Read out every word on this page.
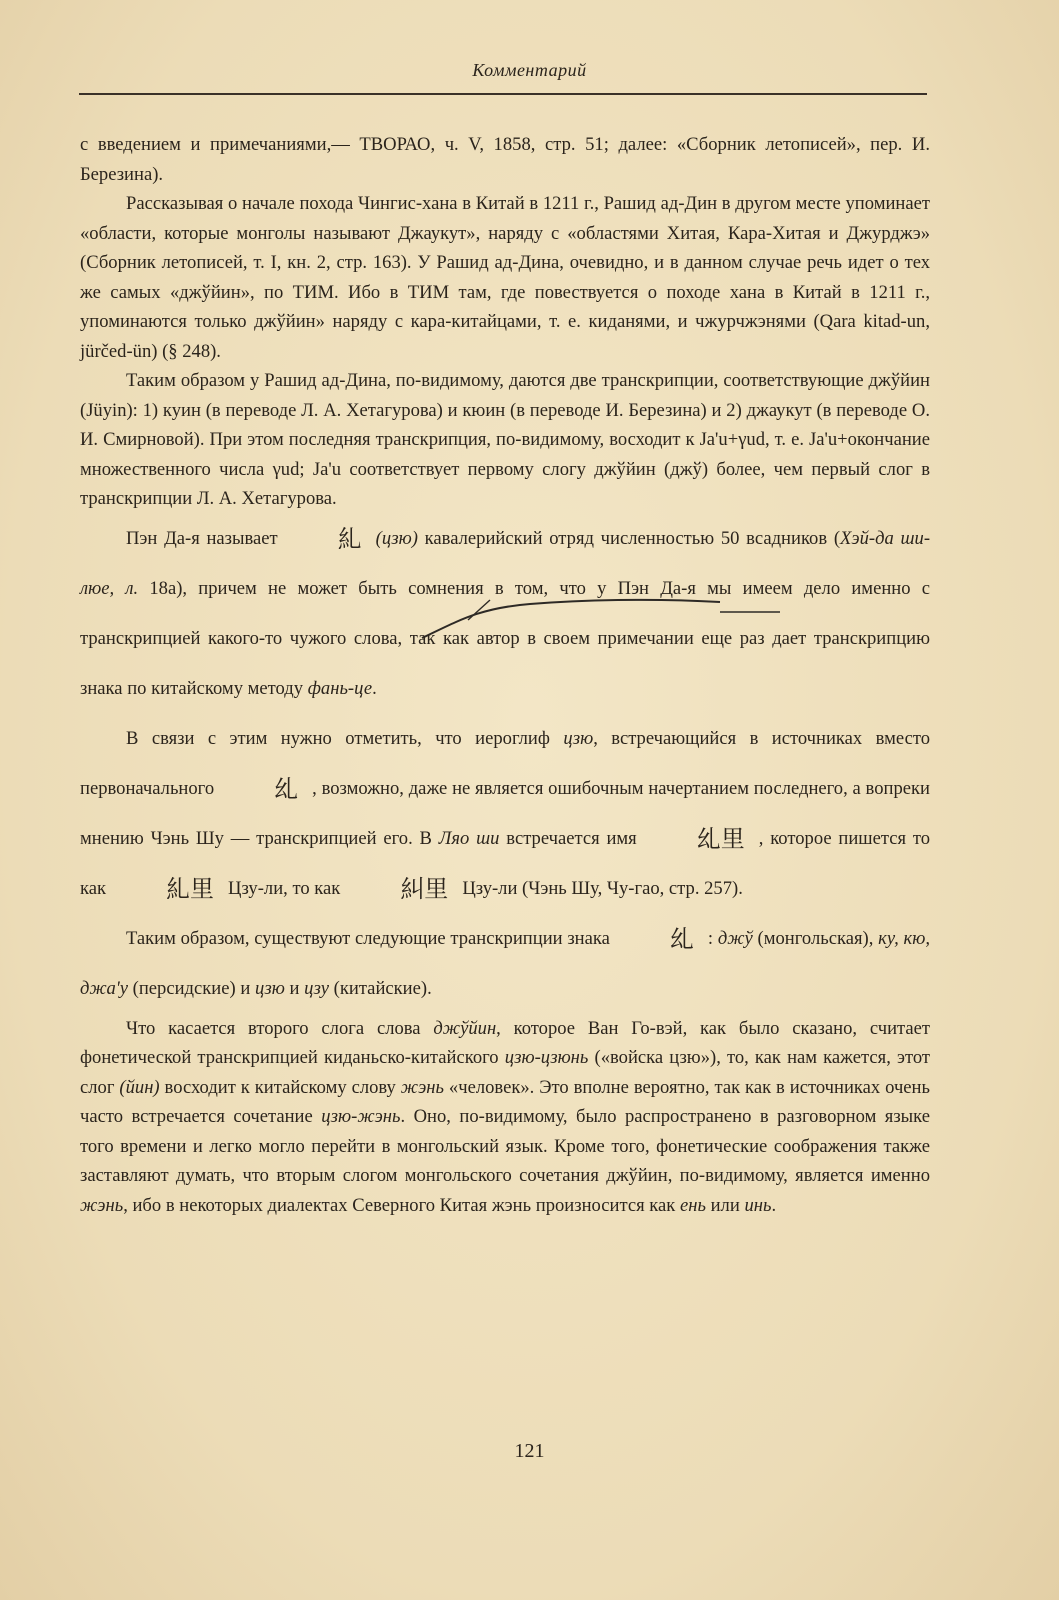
Комментарий

с введением и примечаниями,— ТВОРАО, ч. V, 1858, стр. 51; далее: «Сборник летописей», пер. И. Березина).

Рассказывая о начале похода Чингис-хана в Китай в 1211 г., Рашид ад-Дин в другом месте упоминает «области, которые монголы называют Джаукут», наряду с «областями Хитая, Кара-Хитая и Джурджэ» (Сборник летописей, т. I, кн. 2, стр. 163). У Рашид ад-Дина, очевидно, и в данном случае речь идет о тех же самых «джўйин», по ТИМ. Ибо в ТИМ там, где повествуется о походе хана в Китай в 1211 г., упоминаются только джўйин» наряду с кара-китайцами, т. е. киданями, и чжурчжэнями (Qara kitad-un, jürčed-ün) (§ 248).

Таким образом у Рашид ад-Дина, по-видимому, даются две транскрипции, соответствующие джўйин (Jüyin): 1) куин (в переводе Л. А. Хетагурова) и кюин (в переводе И. Березина) и 2) джаукут (в переводе О. И. Смирновой). При этом последняя транскрипция, по-видимому, восходит к Ja'u+γud, т. е. Ja'u+окончание множественного числа γud; Ja'u соответствует первому слогу джўйин (джў) более, чем первый слог в транскрипции Л. А. Хетагурова.

Пэн Да-я называет	糺 (цзю) кавалерийский отряд численностью 50 всадников (Хэй-да ши-люе, л. 18а), причем не может быть сомнения в том, что у Пэн Да-я мы имеем дело именно с транскрипцией какого-то чужого слова, так как автор в своем примечании еще раз дает транскрипцию знака по китайскому методу фань-це.

В связи с этим нужно отметить, что иероглиф цзю, встречающийся в источниках вместо первоначального	乣 , возможно, даже не является ошибочным начертанием последнего, а вопреки мнению Чэнь Шу — транскрипцией его. В Ляо ши встречается имя	乣里 , которое пишется то как	糺里 Цзу-ли, то как	糾里 Цзу-ли (Чэнь Шу, Чу-гао, стр. 257).

Таким образом, существуют следующие транскрипции знака	乣 : джў (монгольская), ку, кю, джа'у (персидские) и цзю и цзу (китайские).

Что касается второго слога слова джўйин, которое Ван Го-вэй, как было сказано, считает фонетической транскрипцией киданьско-китайского цзю-цзюнь («войска цзю»), то, как нам кажется, этот слог (йин) восходит к китайскому слову жэнь «человек». Это вполне вероятно, так как в источниках очень часто встречается сочетание цзю-жэнь. Оно, по-видимому, было распространено в разговорном языке того времени и легко могло перейти в монгольский язык. Кроме того, фонетические соображения также заставляют думать, что вторым слогом монгольского сочетания джўйин, по-видимому, является именно жэнь, ибо в некоторых диалектах Северного Китая жэнь произносится как ень или инь.

121
